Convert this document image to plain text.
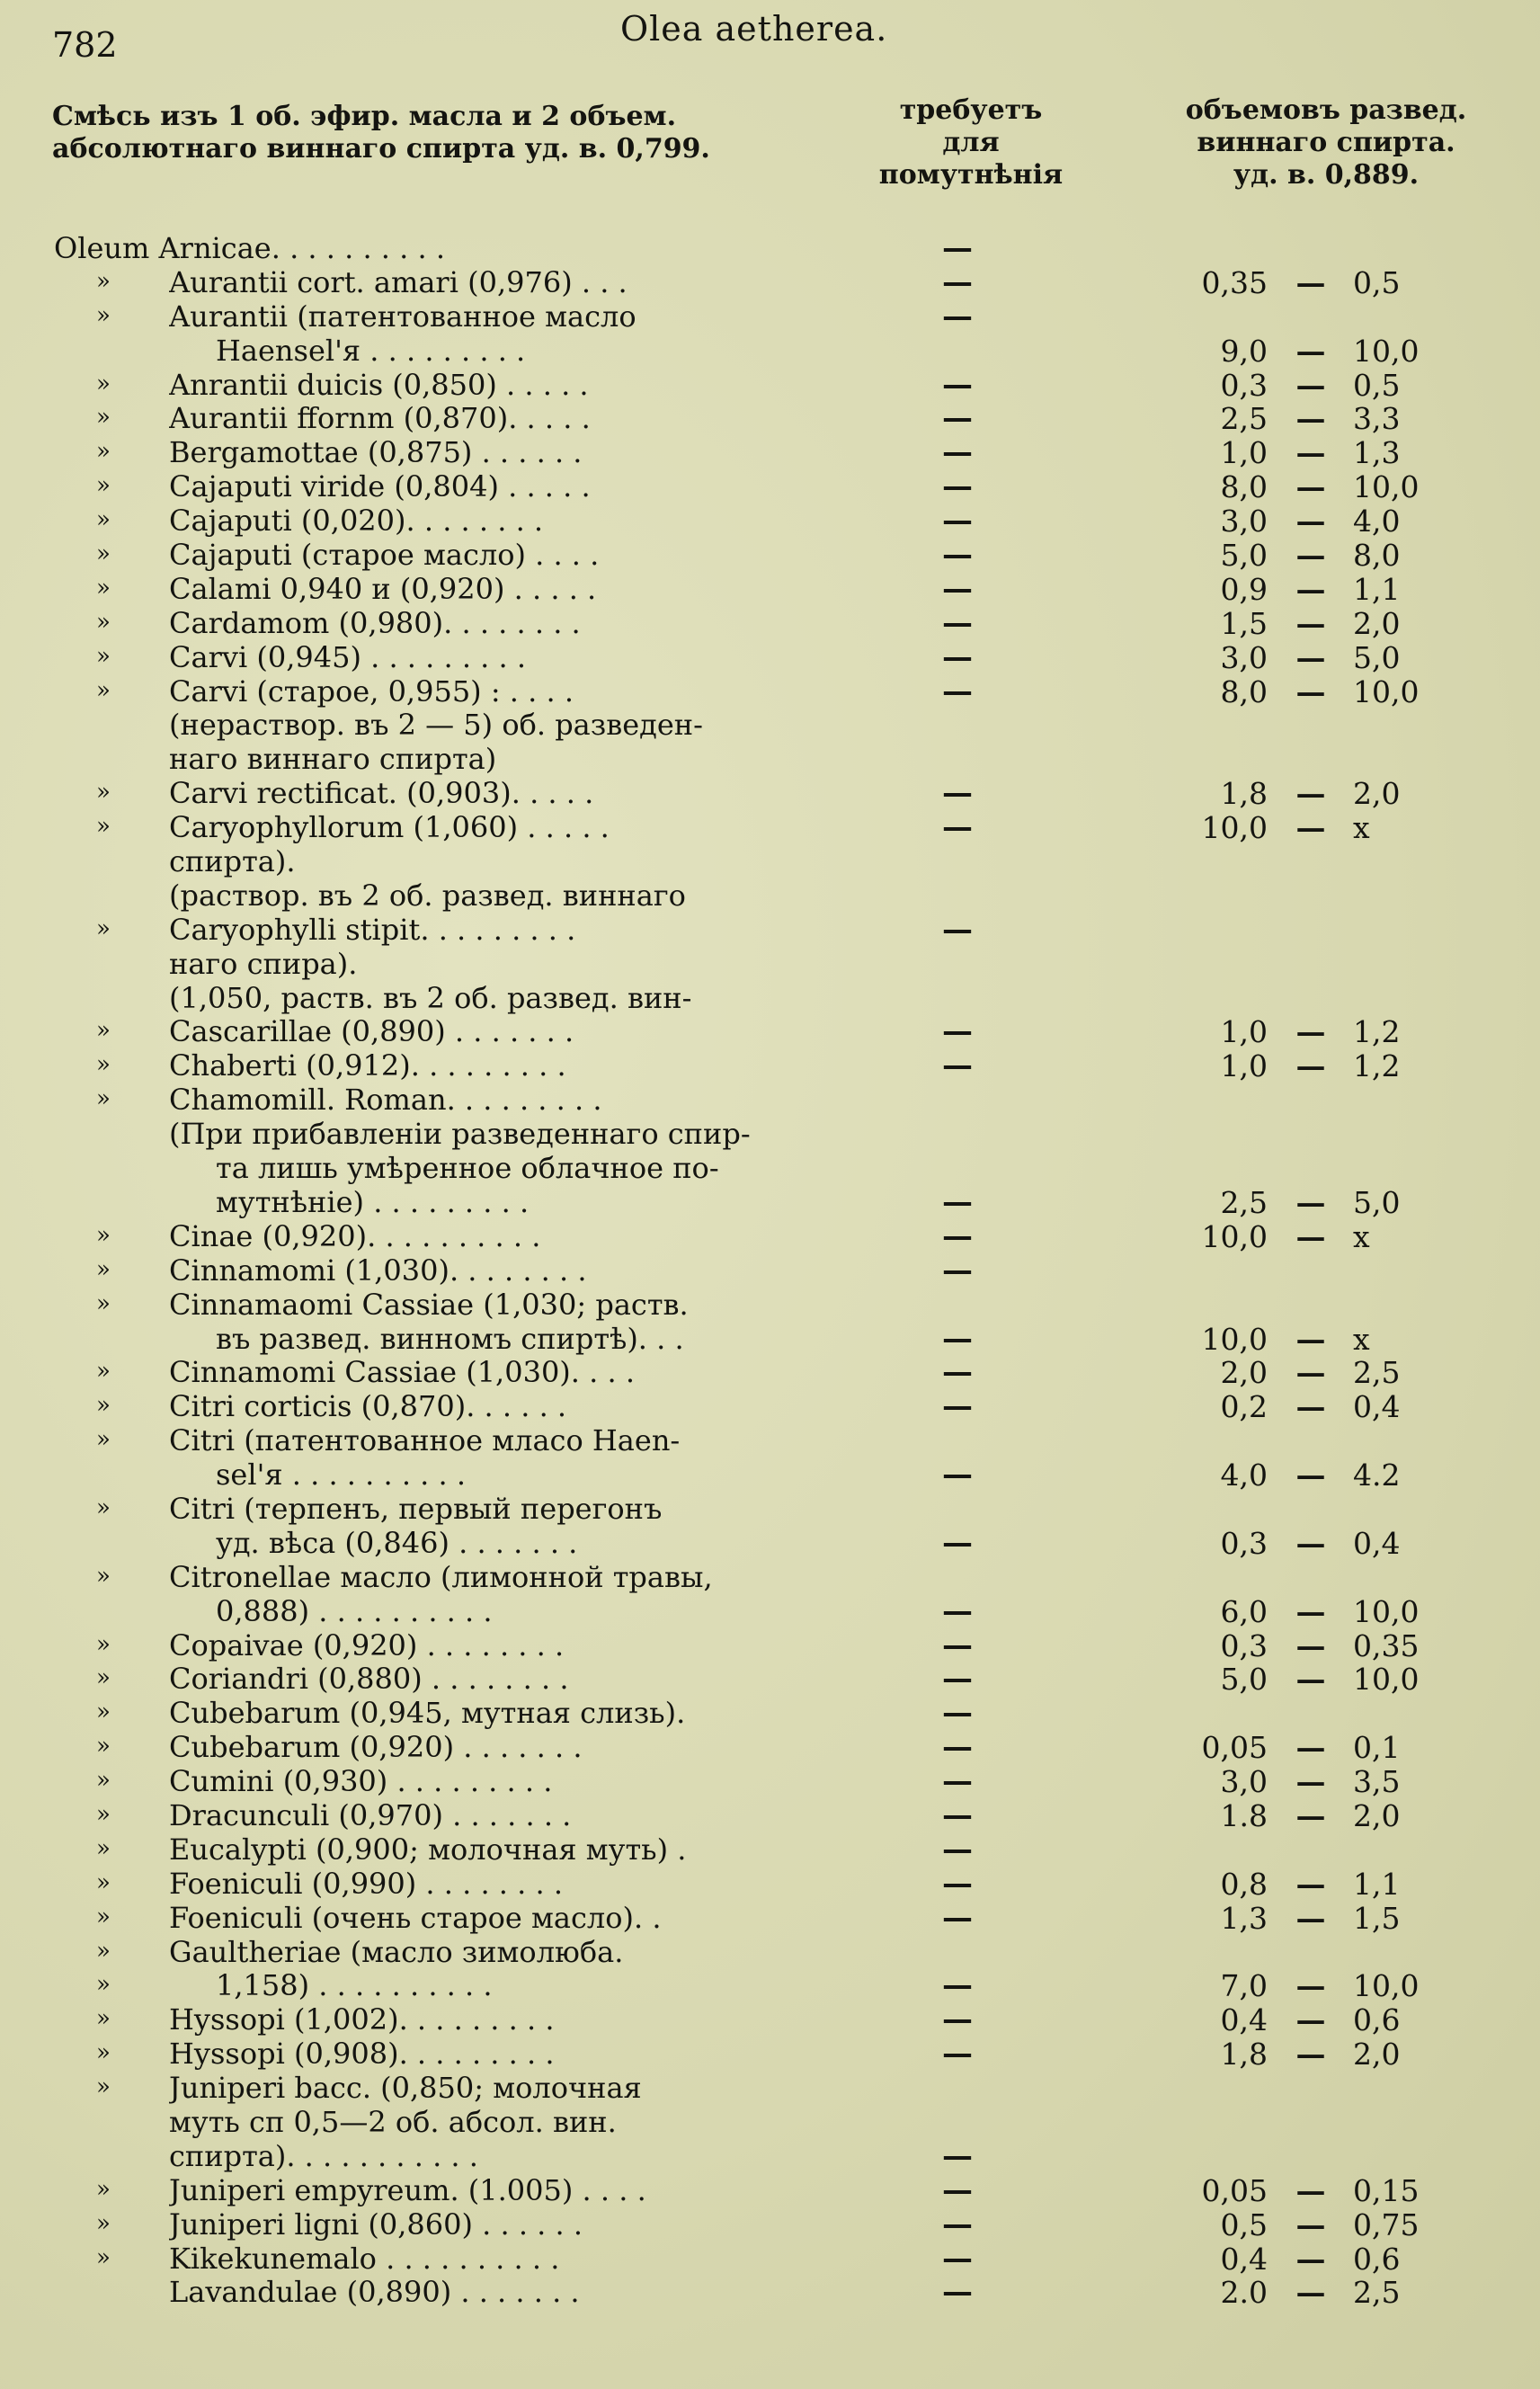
782	Olea aetherea.
Смѣсь изъ 1 об. эфир. масла и 2 объем.
абсолютнаго виннаго спирта уд. в. 0,799.
требуетъ
для
помутнѣнія
объемовъ развед.
виннаго спирта.
уд. в. 0,889.
Oleum Arnicae. . . . . . . . . .	—
»	Aurantii cort. amari (0,976) . . .	—	0,35 — 0,5
»	Aurantii (патентованное масло	—
Haensel'я . . . . . . . . .	9,0 — 10,0
»	Anrantii duicis (0,850) . . . . .	—	0,3 — 0,5
»	Aurantii ffornm (0,870). . . . .	—	2,5 — 3,3
»	Bergamottae (0,875) . . . . . .	—	1,0 — 1,3
»	Cajaputi viride (0,804) . . . . .	—	8,0 — 10,0
»	Cajaputi (0,020). . . . . . . .	—	3,0 — 4,0
»	Cajaputi (старое масло) . . . .	—	5,0 — 8,0
»	Calami 0,940 и (0,920) . . . . .	—	0,9 — 1,1
»	Cardamom (0,980). . . . . . . .	—	1,5 — 2,0
»	Carvi (0,945) . . . . . . . . .	—	3,0 — 5,0
»	Carvi (старое, 0,955) : . . . .	—	8,0 — 10,0
(нераствор. въ 2 — 5) об. разведен-
наго виннаго спирта)
»	Carvi rectificat. (0,903). . . . .	—	1,8 — 2,0
»	Caryophyllorum (1,060) . . . . .	—	10,0 — x
спирта).
(раствор. въ 2 об. развед. виннаго
»	Caryophylli stipit. . . . . . . . .	—
наго спира).
(1,050, раств. въ 2 об. развед. вин-
»	Cascarillae (0,890) . . . . . . .	—	1,0 — 1,2
»	Chaberti (0,912). . . . . . . . .	—	1,0 — 1,2
»	Chamomill. Roman. . . . . . . . .
(При прибавленіи разведеннаго спир-
та лишь умѣренное облачное по-
мутнѣніе) . . . . . . . . .	—	2,5 — 5,0
»	Cinae (0,920). . . . . . . . . .	—	10,0 — x
»	Cinnamomi (1,030). . . . . . . .	—
»	Cinnamaomi Cassiae (1,030; раств.
въ развед. винномъ спиртѣ). . .	—	10,0 — x
»	Cinnamomi Cassiae (1,030). . . .	—	2,0 — 2,5
»	Citri corticis (0,870). . . . . .	—	0,2 — 0,4
»	Citri (патентованное мласо Haen-
sel'я . . . . . . . . . .	—	4,0 — 4.2
»	Citri (терпенъ, первый перегонъ
уд. вѣса (0,846) . . . . . . .	—	0,3 — 0,4
»	Citronellae масло (лимонной травы,
0,888) . . . . . . . . . .	—	6,0 — 10,0
»	Copaivae (0,920) . . . . . . . .	—	0,3 — 0,35
»	Coriandri (0,880) . . . . . . . .	—	5,0 — 10,0
»	Cubebarum (0,945, мутная слизь).	—
»	Cubebarum (0,920) . . . . . . .	—	0,05 — 0,1
»	Cumini (0,930) . . . . . . . . .	—	3,0 — 3,5
»	Dracunculi (0,970) . . . . . . .	—	1.8 — 2,0
»	Eucalypti (0,900; молочная муть) .	—
»	Foeniculi (0,990) . . . . . . . .	—	0,8 — 1,1
»	Foeniculi (очень старое масло). .	—	1,3 — 1,5
»	Gaultheriae (масло зимолюба.
»	1,158) . . . . . . . . . .	—	7,0 — 10,0
»	Hyssopi (1,002). . . . . . . . .	—	0,4 — 0,6
»	Hyssopi (0,908). . . . . . . . .	—	1,8 — 2,0
»	Juniperi bacc. (0,850; молочная
муть сп 0,5—2 об. абсол. вин.
спирта). . . . . . . . . . .	—
»	Juniperi empyreum. (1.005) . . . .	—	0,05 — 0,15
»	Juniperi ligni (0,860) . . . . . .	—	0,5 — 0,75
»	Kikekunemalo . . . . . . . . . .	—	0,4 — 0,6
Lavandulae (0,890) . . . . . . .	—	2.0 — 2,5
